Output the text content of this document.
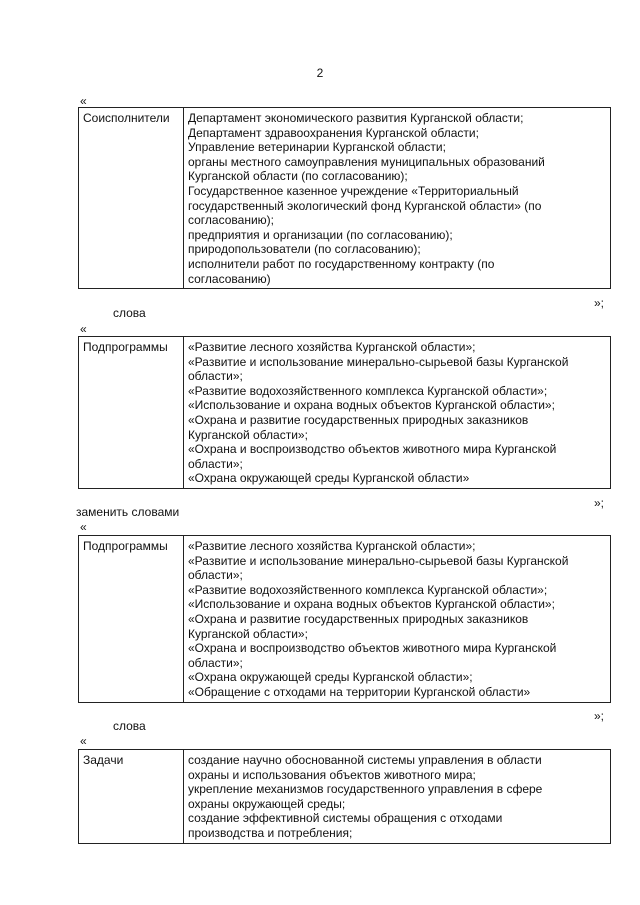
2
«
Соисполнители	Департамент экономического развития Курганской области;
Департамент здравоохранения Курганской области;
Управление ветеринарии Курганской области;
органы местного самоуправления муниципальных образований
Курганской области (по согласованию);
Государственное казенное учреждение «Территориальный
государственный экологический фонд Курганской области» (по
согласованию);
предприятия и организации (по согласованию);
природопользователи (по согласованию);
исполнители работ по государственному контракту (по
согласованию)
»;
слова
«
Подпрограммы	«Развитие лесного хозяйства Курганской области»;
«Развитие и использование минерально-сырьевой базы Курганской
области»;
«Развитие водохозяйственного комплекса Курганской области»;
«Использование и охрана водных объектов Курганской области»;
«Охрана и развитие государственных природных заказников
Курганской области»;
«Охрана и воспроизводство объектов животного мира Курганской
области»;
«Охрана окружающей среды Курганской области»
»;
заменить словами
«
Подпрограммы	«Развитие лесного хозяйства Курганской области»;
«Развитие и использование минерально-сырьевой базы Курганской
области»;
«Развитие водохозяйственного комплекса Курганской области»;
«Использование и охрана водных объектов Курганской области»;
«Охрана и развитие государственных природных заказников
Курганской области»;
«Охрана и воспроизводство объектов животного мира Курганской
области»;
«Охрана окружающей среды Курганской области»;
«Обращение с отходами на территории Курганской области»
»;
слова
«
Задачи	создание научно обоснованной системы управления в области
охраны и использования объектов животного мира;
укрепление механизмов государственного управления в сфере
охраны окружающей среды;
создание эффективной системы обращения с отходами
производства и потребления;
